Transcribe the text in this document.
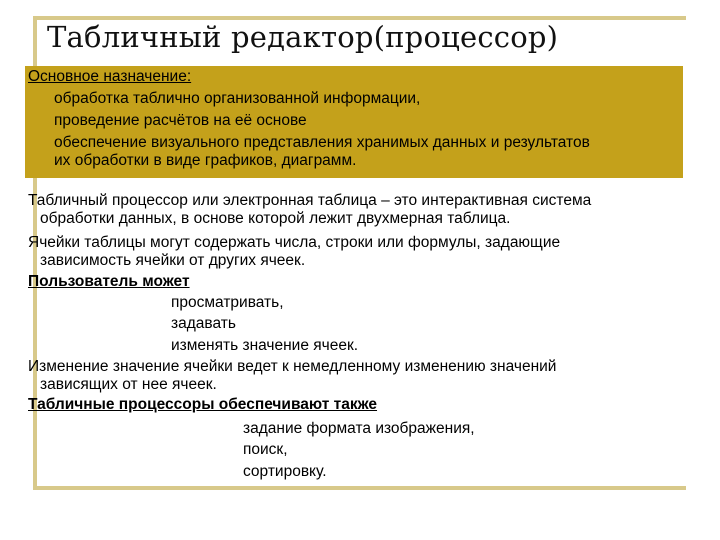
Табличный редактор(процессор)
Основное назначение:
обработка таблично организованной информации,
проведение расчётов на её основе
обеспечение визуального представления хранимых данных и результатов
их обработки в виде графиков, диаграмм.
Табличный процессор или электронная таблица – это интерактивная система
обработки данных, в основе которой лежит двухмерная таблица.
Ячейки таблицы могут содержать числа, строки или формулы, задающие
зависимость ячейки от других ячеек.
Пользователь может
просматривать,
задавать
изменять значение ячеек.
Изменение значение ячейки ведет к немедленному изменению значений
зависящих от нее ячеек.
Табличные процессоры обеспечивают также
задание формата изображения,
поиск,
сортировку.
